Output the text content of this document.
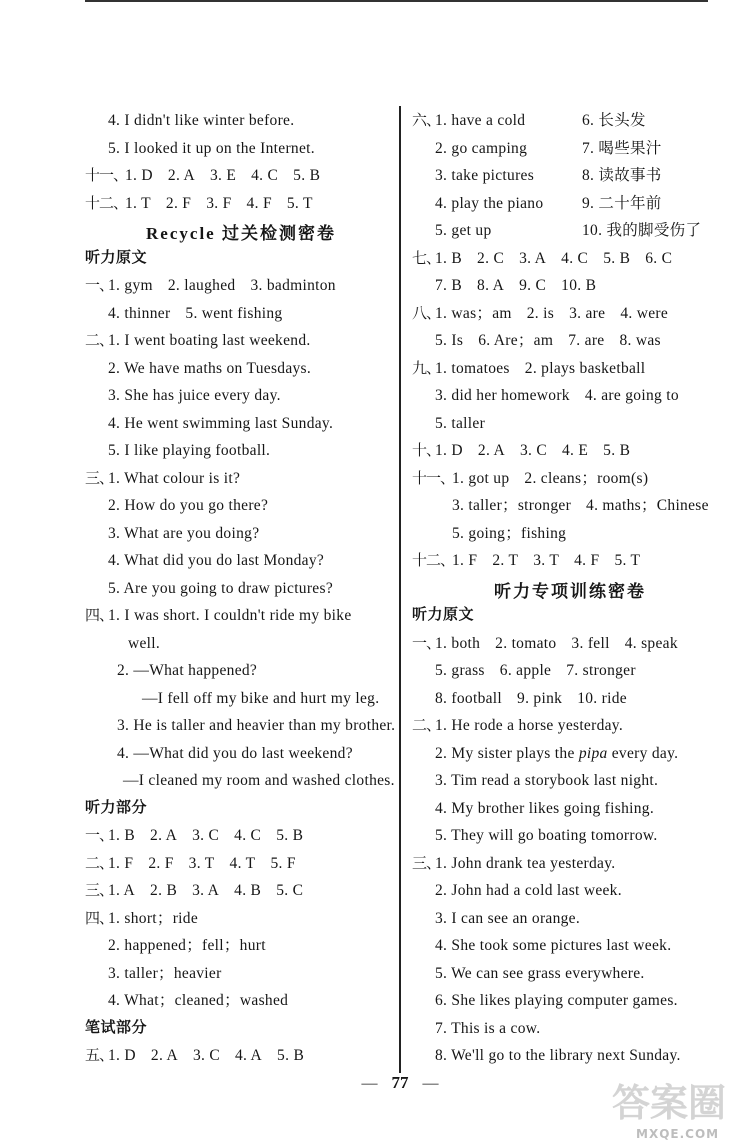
4. I didn't like winter before.
5. I looked it up on the Internet.
十一、1. D 2. A 3. E 4. C 5. B
十二、1. T 2. F 3. F 4. F 5. T
Recycle 过关检测密卷
听力原文
一、1. gym 2. laughed 3. badminton
4. thinner 5. went fishing
二、1. I went boating last weekend.
2. We have maths on Tuesdays.
3. She has juice every day.
4. He went swimming last Sunday.
5. I like playing football.
三、1. What colour is it?
2. How do you go there?
3. What are you doing?
4. What did you do last Monday?
5. Are you going to draw pictures?
四、1. I was short. I couldn't ride my bike
well.
2. —What happened?
—I fell off my bike and hurt my leg.
3. He is taller and heavier than my brother.
4. —What did you do last weekend?
—I cleaned my room and washed clothes.
听力部分
一、1. B 2. A 3. C 4. C 5. B
二、1. F 2. F 3. T 4. T 5. F
三、1. A 2. B 3. A 4. B 5. C
四、1. short；ride
2. happened；fell；hurt
3. taller；heavier
4. What；cleaned；washed
笔试部分
五、1. D 2. A 3. C 4. A 5. B
六、1. have a cold	6. 长头发
2. go camping	7. 喝些果汁
3. take pictures	8. 读故事书
4. play the piano 9. 二十年前
5. get up	10. 我的脚受伤了
七、1. B 2. C 3. A 4. C 5. B 6. C
7. B 8. A 9. C 10. B
八、1. was；am 2. is 3. are 4. were
5. Is 6. Are；am 7. are 8. was
九、1. tomatoes 2. plays basketball
3. did her homework 4. are going to
5. taller
十、1. D 2. A 3. C 4. E 5. B
十一、1. got up 2. cleans；room(s)
3. taller；stronger 4. maths；Chinese
5. going；fishing
十二、1. F 2. T 3. T 4. F 5. T
听力专项训练密卷
听力原文
一、1. both 2. tomato 3. fell 4. speak
5. grass 6. apple 7. stronger
8. football 9. pink 10. ride
二、1. He rode a horse yesterday.
2. My sister plays the pipa every day.
3. Tim read a storybook last night.
4. My brother likes going fishing.
5. They will go boating tomorrow.
三、1. John drank tea yesterday.
2. John had a cold last week.
3. I can see an orange.
4. She took some pictures last week.
5. We can see grass everywhere.
6. She likes playing computer games.
7. This is a cow.
8. We'll go to the library next Sunday.
— 77 —	答案圈
MXQE.COM
